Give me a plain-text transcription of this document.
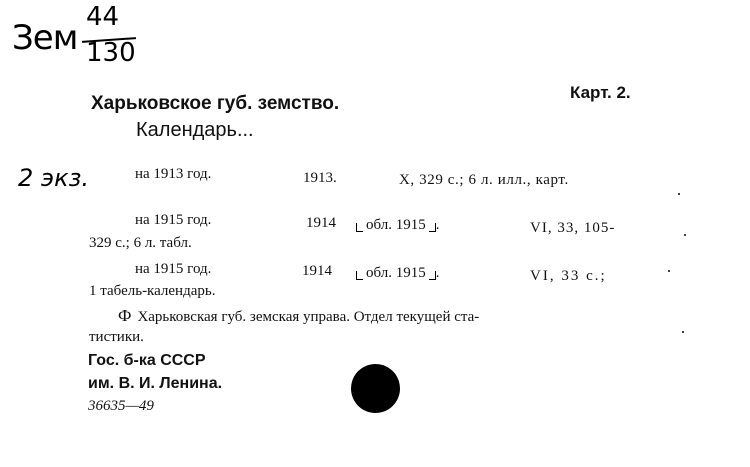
Зем
44
130
Карт. 2.
Харьковское губ. земство.
Календарь...
2 экз.	на 1913 год.	1913.	X, 329 с.; 6 л. илл., карт.
на 1915 год.	1914	обл. 1915 .	VI, 33, 105-
329 с.; 6 л. табл.
на 1915 год.	1914	обл. 1915 .	VI, 33 с.;
1 табель-календарь.
Ф Харьковская губ. земская управа. Отдел текущей ста-
тистики.
Гос. б-ка СССР
им. В. И. Ленина.
36635—49
